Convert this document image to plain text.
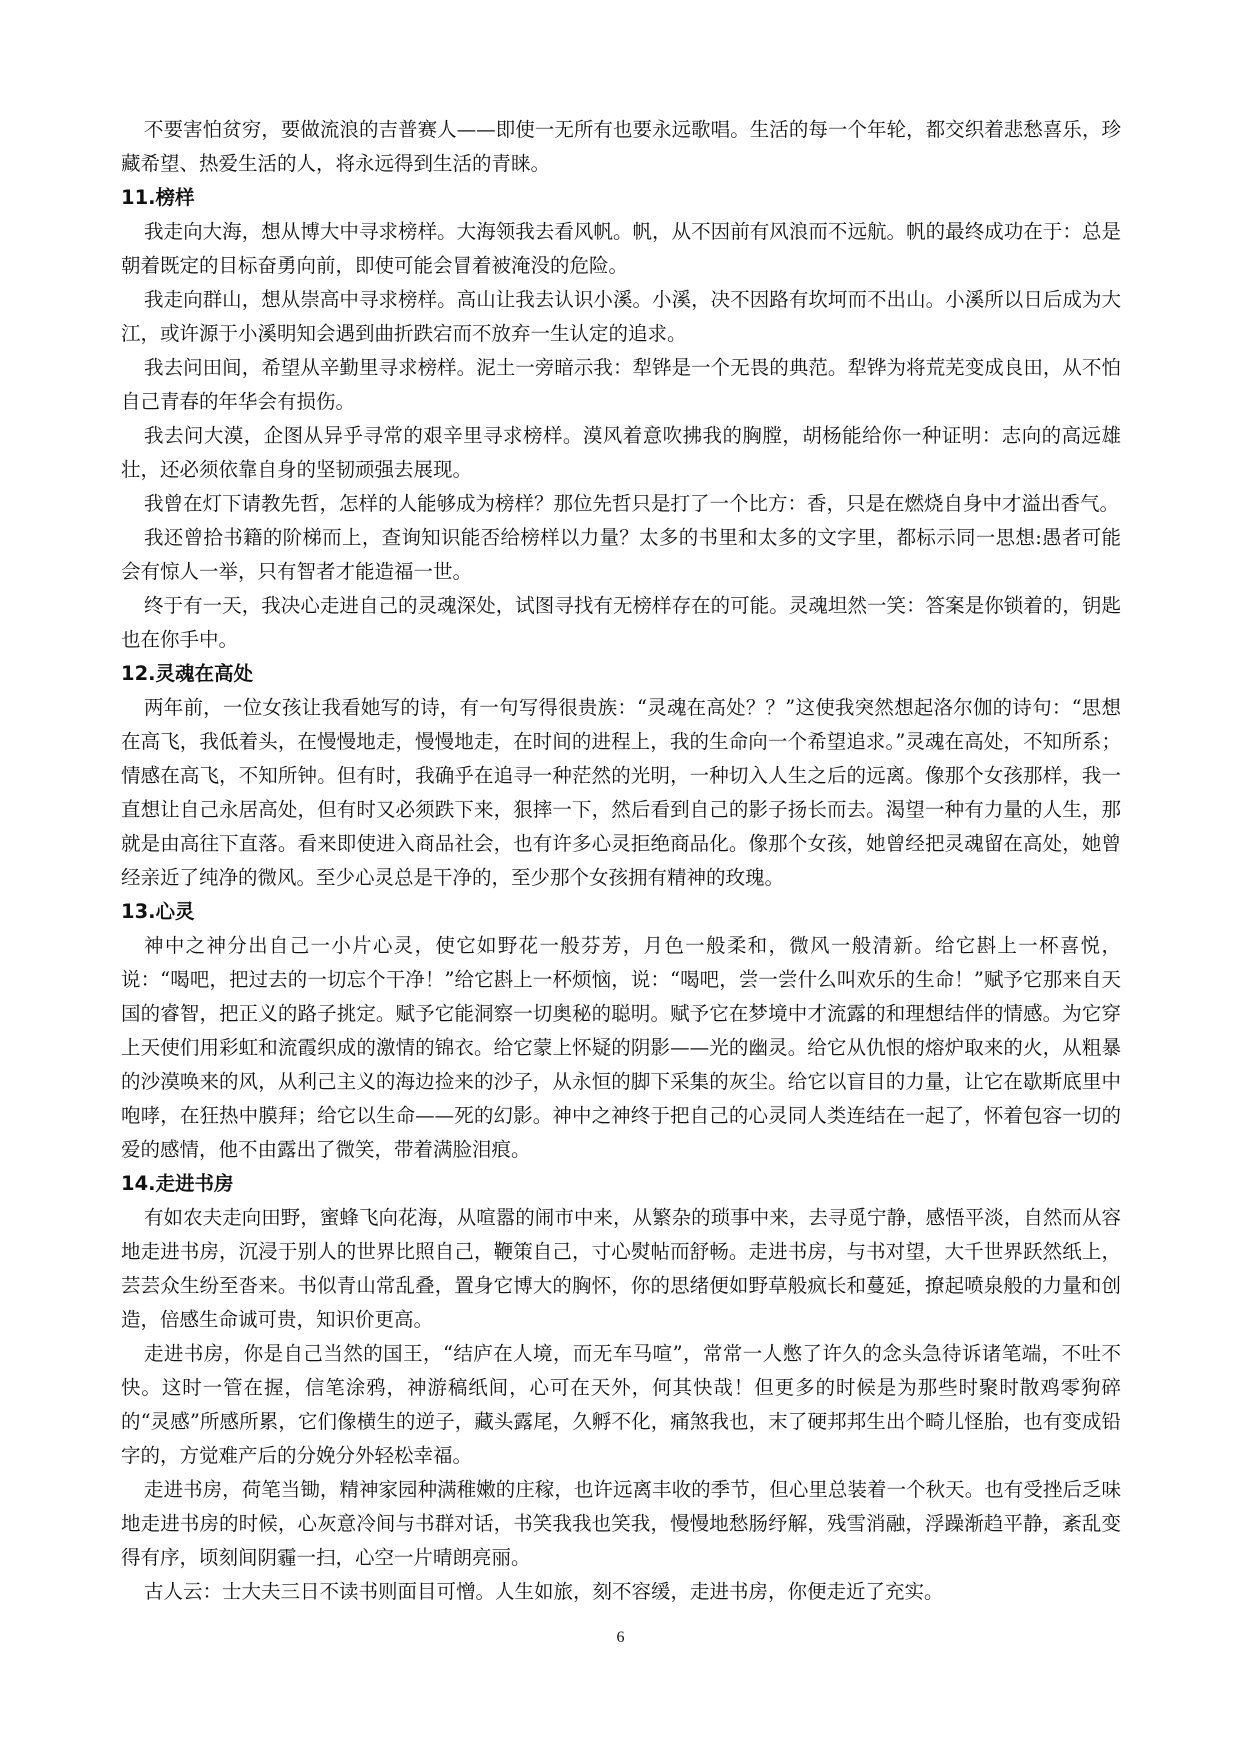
不要害怕贫穷，要做流浪的吉普赛人——即使一无所有也要永远歌唱。生活的每一个年轮，都交织着悲愁喜乐，珍藏希望、热爱生活的人，将永远得到生活的青睐。

11.榜样

我走向大海，想从博大中寻求榜样。大海领我去看风帆。帆，从不因前有风浪而不远航。帆的最终成功在于：总是朝着既定的目标奋勇向前，即使可能会冒着被淹没的危险。

我走向群山，想从崇高中寻求榜样。高山让我去认识小溪。小溪，决不因路有坎坷而不出山。小溪所以日后成为大江，或许源于小溪明知会遇到曲折跌宕而不放弃一生认定的追求。

我去问田间，希望从辛勤里寻求榜样。泥土一旁暗示我：犁铧是一个无畏的典范。犁铧为将荒芜变成良田，从不怕自己青春的年华会有损伤。

我去问大漠，企图从异乎寻常的艰辛里寻求榜样。漠风着意吹拂我的胸膛，胡杨能给你一种证明：志向的高远雄壮，还必须依靠自身的坚韧顽强去展现。

我曾在灯下请教先哲，怎样的人能够成为榜样？那位先哲只是打了一个比方：香，只是在燃烧自身中才溢出香气。

我还曾拾书籍的阶梯而上，查询知识能否给榜样以力量？太多的书里和太多的文字里，都标示同一思想:愚者可能会有惊人一举，只有智者才能造福一世。

终于有一天，我决心走进自己的灵魂深处，试图寻找有无榜样存在的可能。灵魂坦然一笑：答案是你锁着的，钥匙也在你手中。

12.灵魂在高处

两年前，一位女孩让我看她写的诗，有一句写得很贵族：“灵魂在高处？？”这使我突然想起洛尔伽的诗句：“思想在高飞，我低着头，在慢慢地走，慢慢地走，在时间的进程上，我的生命向一个希望追求。”灵魂在高处，不知所系；情感在高飞，不知所钟。但有时，我确乎在追寻一种茫然的光明，一种切入人生之后的远离。像那个女孩那样，我一直想让自己永居高处，但有时又必须跌下来，狠摔一下，然后看到自己的影子扬长而去。渴望一种有力量的人生，那就是由高往下直落。看来即使进入商品社会，也有许多心灵拒绝商品化。像那个女孩，她曾经把灵魂留在高处，她曾经亲近了纯净的微风。至少心灵总是干净的，至少那个女孩拥有精神的玫瑰。

13.心灵

神中之神分出自己一小片心灵，使它如野花一般芬芳，月色一般柔和，微风一般清新。给它斟上一杯喜悦，说：“喝吧，把过去的一切忘个干净！”给它斟上一杯烦恼，说：“喝吧，尝一尝什么叫欢乐的生命！”赋予它那来自天国的睿智，把正义的路子挑定。赋予它能洞察一切奥秘的聪明。赋予它在梦境中才流露的和理想结伴的情感。为它穿上天使们用彩虹和流霞织成的激情的锦衣。给它蒙上怀疑的阴影——光的幽灵。给它从仇恨的熔炉取来的火，从粗暴的沙漠唤来的风，从利己主义的海边捡来的沙子，从永恒的脚下采集的灰尘。给它以盲目的力量，让它在歇斯底里中咆哮，在狂热中膜拜；给它以生命——死的幻影。神中之神终于把自己的心灵同人类连结在一起了，怀着包容一切的爱的感情，他不由露出了微笑，带着满脸泪痕。

14.走进书房

有如农夫走向田野，蜜蜂飞向花海，从喧嚣的闹市中来，从繁杂的琐事中来，去寻觅宁静，感悟平淡，自然而从容地走进书房，沉浸于别人的世界比照自己，鞭策自己，寸心熨帖而舒畅。走进书房，与书对望，大千世界跃然纸上，芸芸众生纷至沓来。书似青山常乱叠，置身它博大的胸怀，你的思绪便如野草般疯长和蔓延，撩起喷泉般的力量和创造，倍感生命诚可贵，知识价更高。

走进书房，你是自己当然的国王，“结庐在人境，而无车马喧”，常常一人憋了许久的念头急待诉诸笔端，不吐不快。这时一管在握，信笔涂鸦，神游稿纸间，心可在天外，何其快哉！但更多的时候是为那些时聚时散鸡零狗碎的“灵感”所感所累，它们像横生的逆子，藏头露尾，久孵不化，痛煞我也，末了硬邦邦生出个畸儿怪胎，也有变成铅字的，方觉难产后的分娩分外轻松幸福。

走进书房，荷笔当锄，精神家园种满稚嫩的庄稼，也许远离丰收的季节，但心里总装着一个秋天。也有受挫后乏味地走进书房的时候，心灰意冷间与书群对话，书笑我我也笑我，慢慢地愁肠纾解，残雪消融，浮躁渐趋平静，紊乱变得有序，顷刻间阴霾一扫，心空一片晴朗亮丽。

古人云：士大夫三日不读书则面目可憎。人生如旅，刻不容缓，走进书房，你便走近了充实。

6
